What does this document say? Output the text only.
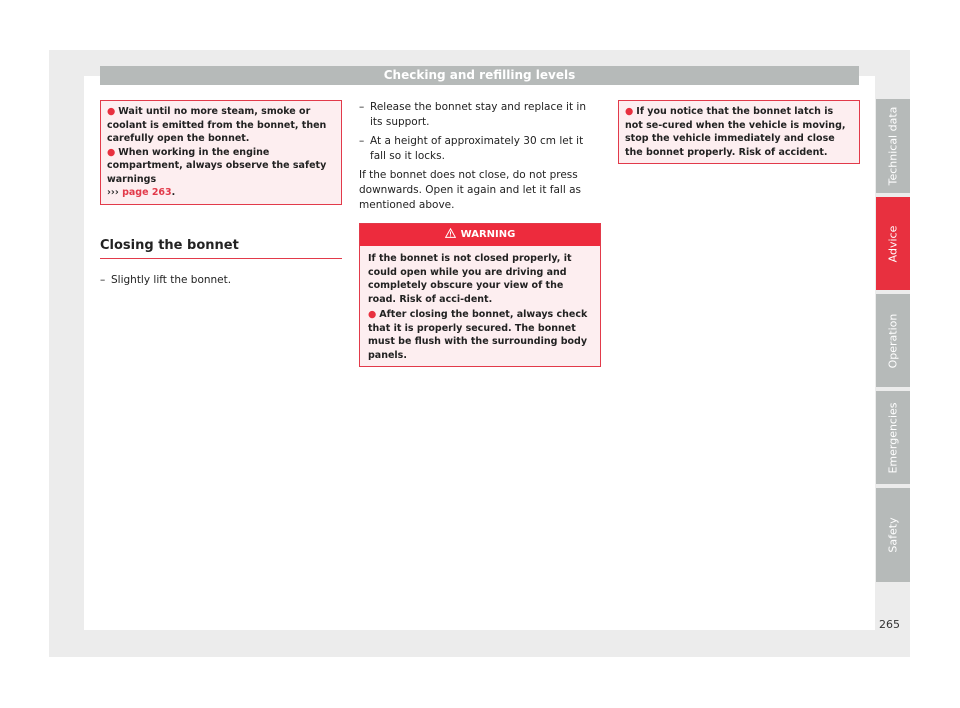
Checking and refilling levels
● Wait until no more steam, smoke or coolant is emitted from the bonnet, then carefully open the bonnet.
● When working in the engine compartment, always observe the safety warnings
››› page 263.
Closing the bonnet
– Slightly lift the bonnet.
– Release the bonnet stay and replace it in its support.
– At a height of approximately 30 cm let it fall so it locks.
If the bonnet does not close, do not press downwards. Open it again and let it fall as mentioned above.
WARNING
If the bonnet is not closed properly, it could open while you are driving and completely obscure your view of the road. Risk of acci-dent.
● After closing the bonnet, always check that it is properly secured. The bonnet must be flush with the surrounding body panels.
● If you notice that the bonnet latch is not se-cured when the vehicle is moving, stop the vehicle immediately and close the bonnet properly. Risk of accident.	Technical data
Advice
Operation
Emergencies
Safety
265
